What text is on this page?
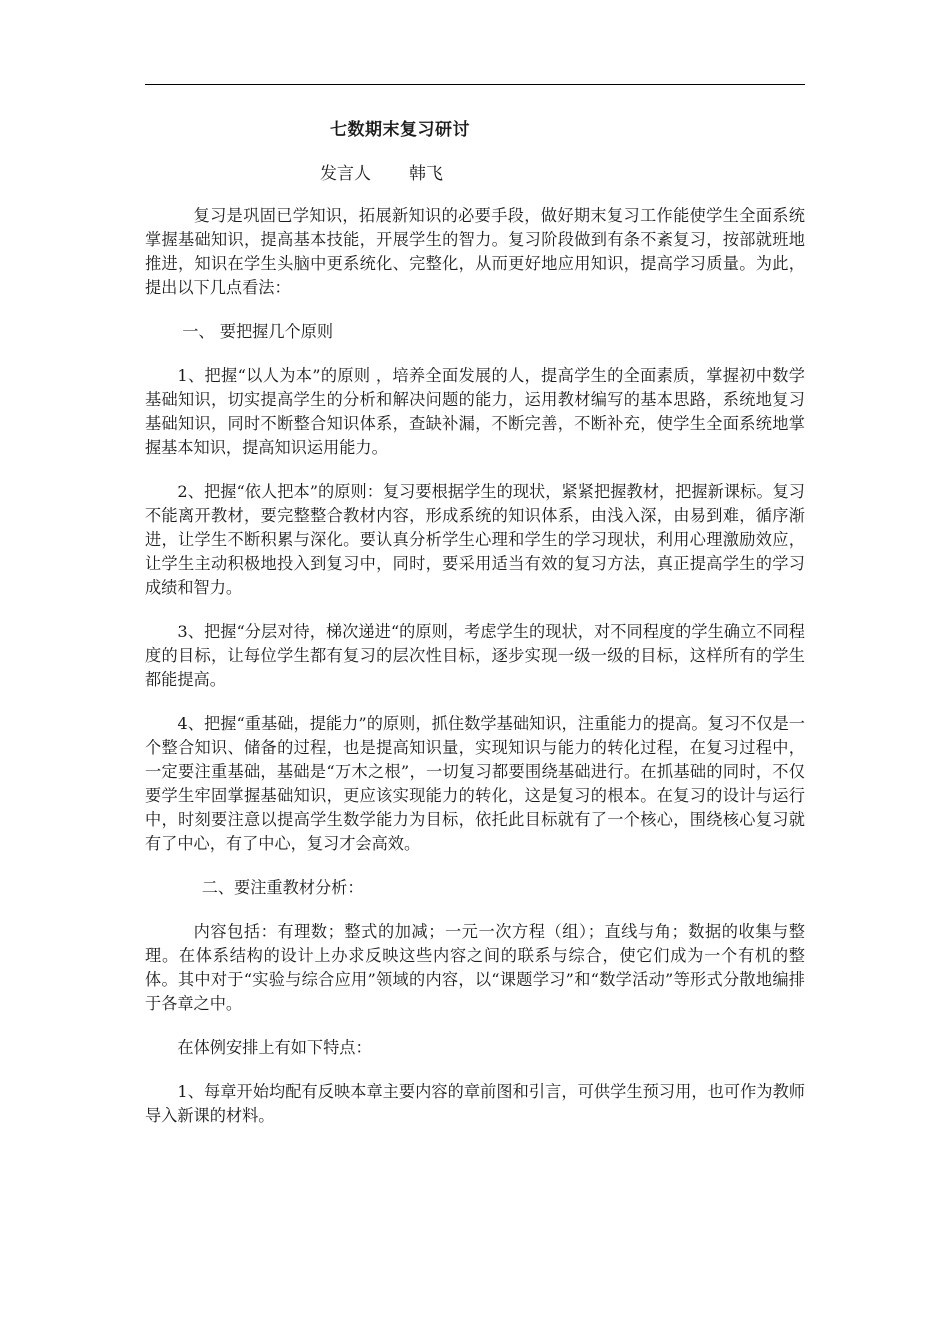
七数期末复习研讨
发言人 韩飞

复习是巩固已学知识，拓展新知识的必要手段，做好期末复习工作能使学生全面系统掌握基础知识，提高基本技能，开展学生的智力。复习阶段做到有条不紊复习，按部就班地推进，知识在学生头脑中更系统化、完整化，从而更好地应用知识，提高学习质量。为此，提出以下几点看法：

一、 要把握几个原则

1、把握“以人为本”的原则 ，培养全面发展的人，提高学生的全面素质，掌握初中数学基础知识，切实提高学生的分析和解决问题的能力，运用教材编写的基本思路，系统地复习基础知识，同时不断整合知识体系，查缺补漏，不断完善，不断补充，使学生全面系统地掌握基本知识，提高知识运用能力。

2、把握“依人把本”的原则：复习要根据学生的现状，紧紧把握教材，把握新课标。复习不能离开教材，要完整整合教材内容，形成系统的知识体系，由浅入深，由易到难，循序渐进，让学生不断积累与深化。要认真分析学生心理和学生的学习现状，利用心理激励效应，让学生主动积极地投入到复习中，同时，要采用适当有效的复习方法，真正提高学生的学习成绩和智力。

3、把握“分层对待，梯次递进“的原则，考虑学生的现状，对不同程度的学生确立不同程度的目标，让每位学生都有复习的层次性目标，逐步实现一级一级的目标，这样所有的学生都能提高。

4、把握“重基础，提能力”的原则，抓住数学基础知识，注重能力的提高。复习不仅是一个整合知识、储备的过程，也是提高知识量，实现知识与能力的转化过程，在复习过程中，一定要注重基础，基础是“万木之根”，一切复习都要围绕基础进行。在抓基础的同时，不仅要学生牢固掌握基础知识，更应该实现能力的转化，这是复习的根本。在复习的设计与运行中，时刻要注意以提高学生数学能力为目标，依托此目标就有了一个核心，围绕核心复习就有了中心，有了中心，复习才会高效。

二、要注重教材分析：

内容包括：有理数；整式的加减；一元一次方程（组）；直线与角；数据的收集与整理。在体系结构的设计上办求反映这些内容之间的联系与综合，使它们成为一个有机的整体。其中对于“实验与综合应用”领域的内容，以“课题学习”和“数学活动”等形式分散地编排于各章之中。

在体例安排上有如下特点：

1、每章开始均配有反映本章主要内容的章前图和引言，可供学生预习用，也可作为教师导入新课的材料。
